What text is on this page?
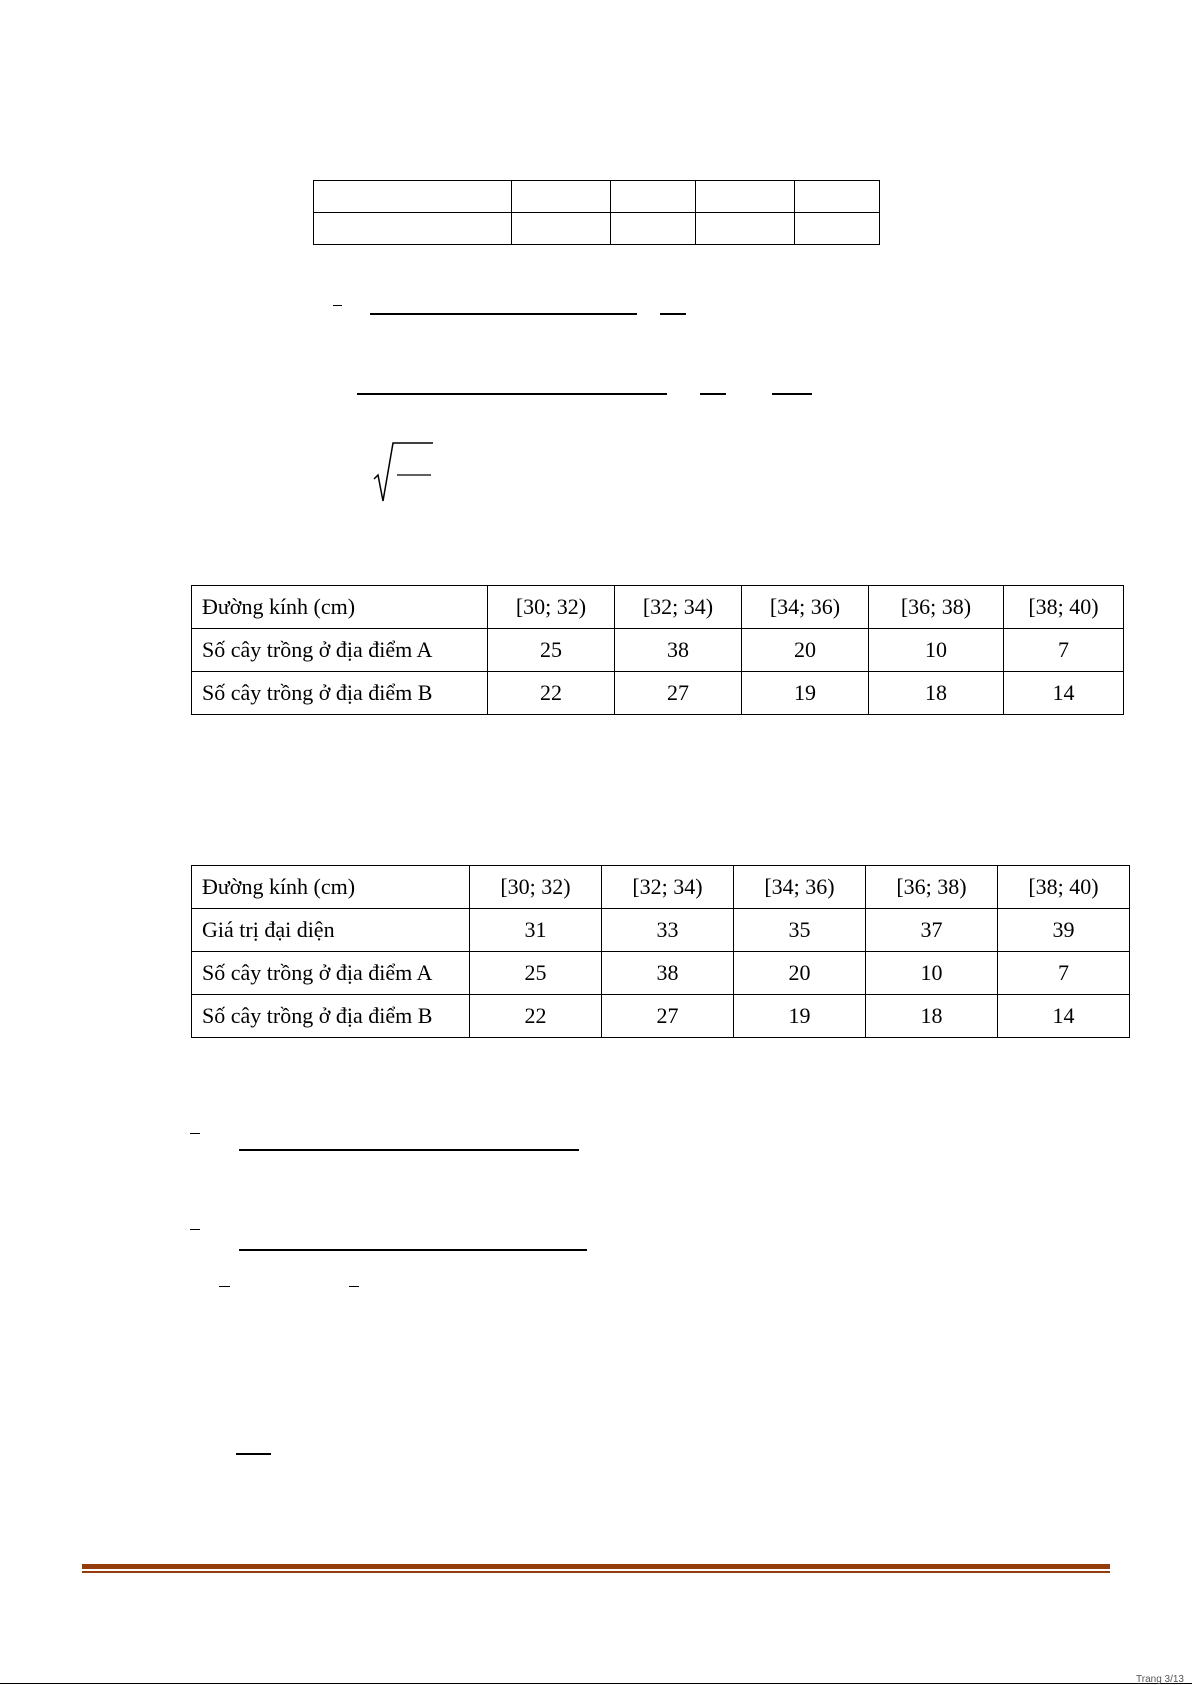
Đường kính (cm)	[30; 32)	[32; 34)	[34; 36)	[36; 38)	[38; 40)
Số cây trồng ở địa điểm A	25	38	20	10	7
Số cây trồng ở địa điểm B	22	27	19	18	14
Đường kính (cm)	[30; 32)	[32; 34)	[34; 36)	[36; 38)	[38; 40)
Giá trị đại diện	31	33	35	37	39
Số cây trồng ở địa điểm A	25	38	20	10	7
Số cây trồng ở địa điểm B	22	27	19	18	14
Trang 3/13
